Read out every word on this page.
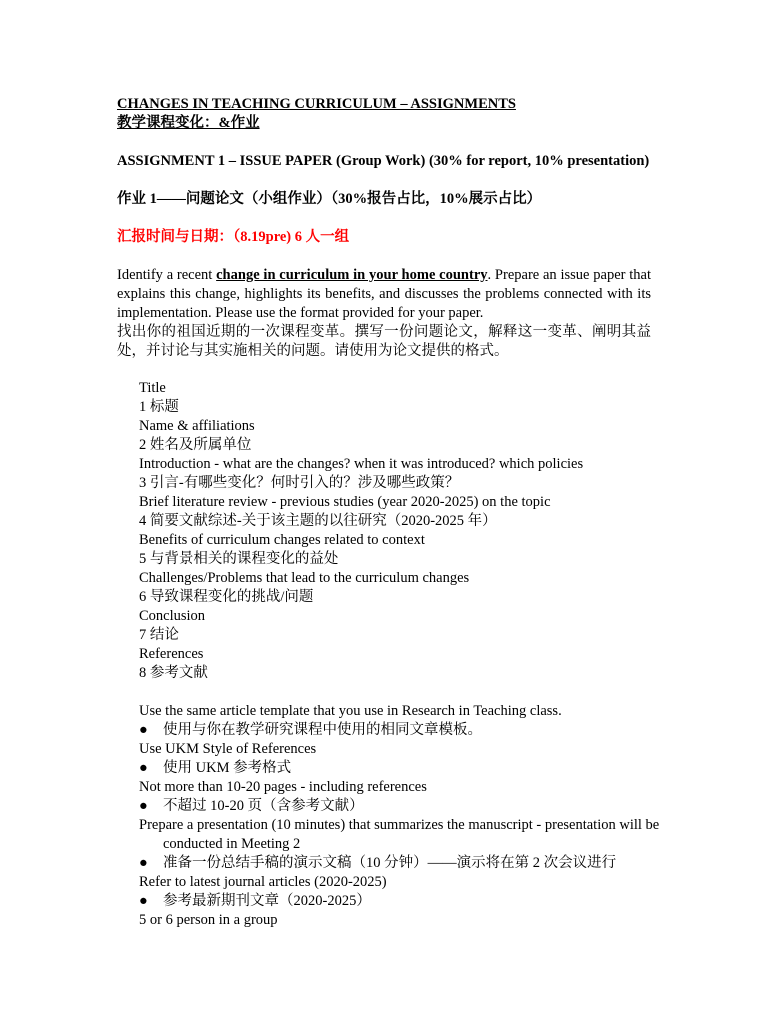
CHANGES IN TEACHING CURRICULUM – ASSIGNMENTS
教学课程变化：&作业
ASSIGNMENT 1 – ISSUE PAPER (Group Work) (30% for report, 10% presentation)
作业 1——问题论文（小组作业）（30%报告占比，10%展示占比）
汇报时间与日期：（8.19pre) 6 人一组
Identify a recent change in curriculum in your home country. Prepare an issue paper that explains this change, highlights its benefits, and discusses the problems connected with its implementation. Please use the format provided for your paper.
找出你的祖国近期的一次课程变革。撰写一份问题论文，解释这一变革、阐明其益处，并讨论与其实施相关的问题。请使用为论文提供的格式。
Title
1 标题
Name & affiliations
2 姓名及所属单位
Introduction - what are the changes? when it was introduced? which policies
3 引言-有哪些变化？何时引入的？涉及哪些政策？
Brief literature review - previous studies (year 2020-2025) on the topic
4 简要文献综述-关于该主题的以往研究（2020-2025 年）
Benefits of curriculum changes related to context
5 与背景相关的课程变化的益处
Challenges/Problems that lead to the curriculum changes
6 导致课程变化的挑战/问题
Conclusion
7 结论
References
8 参考文献
Use the same article template that you use in Research in Teaching class.
● 使用与你在教学研究课程中使用的相同文章模板。
Use UKM Style of References
● 使用 UKM 参考格式
Not more than 10-20 pages - including references
● 不超过 10-20 页（含参考文献）
Prepare a presentation (10 minutes) that summarizes the manuscript - presentation will be conducted in Meeting 2
● 准备一份总结手稿的演示文稿（10 分钟）——演示将在第 2 次会议进行
Refer to latest journal articles (2020-2025)
● 参考最新期刊文章（2020-2025）
5 or 6 person in a group
